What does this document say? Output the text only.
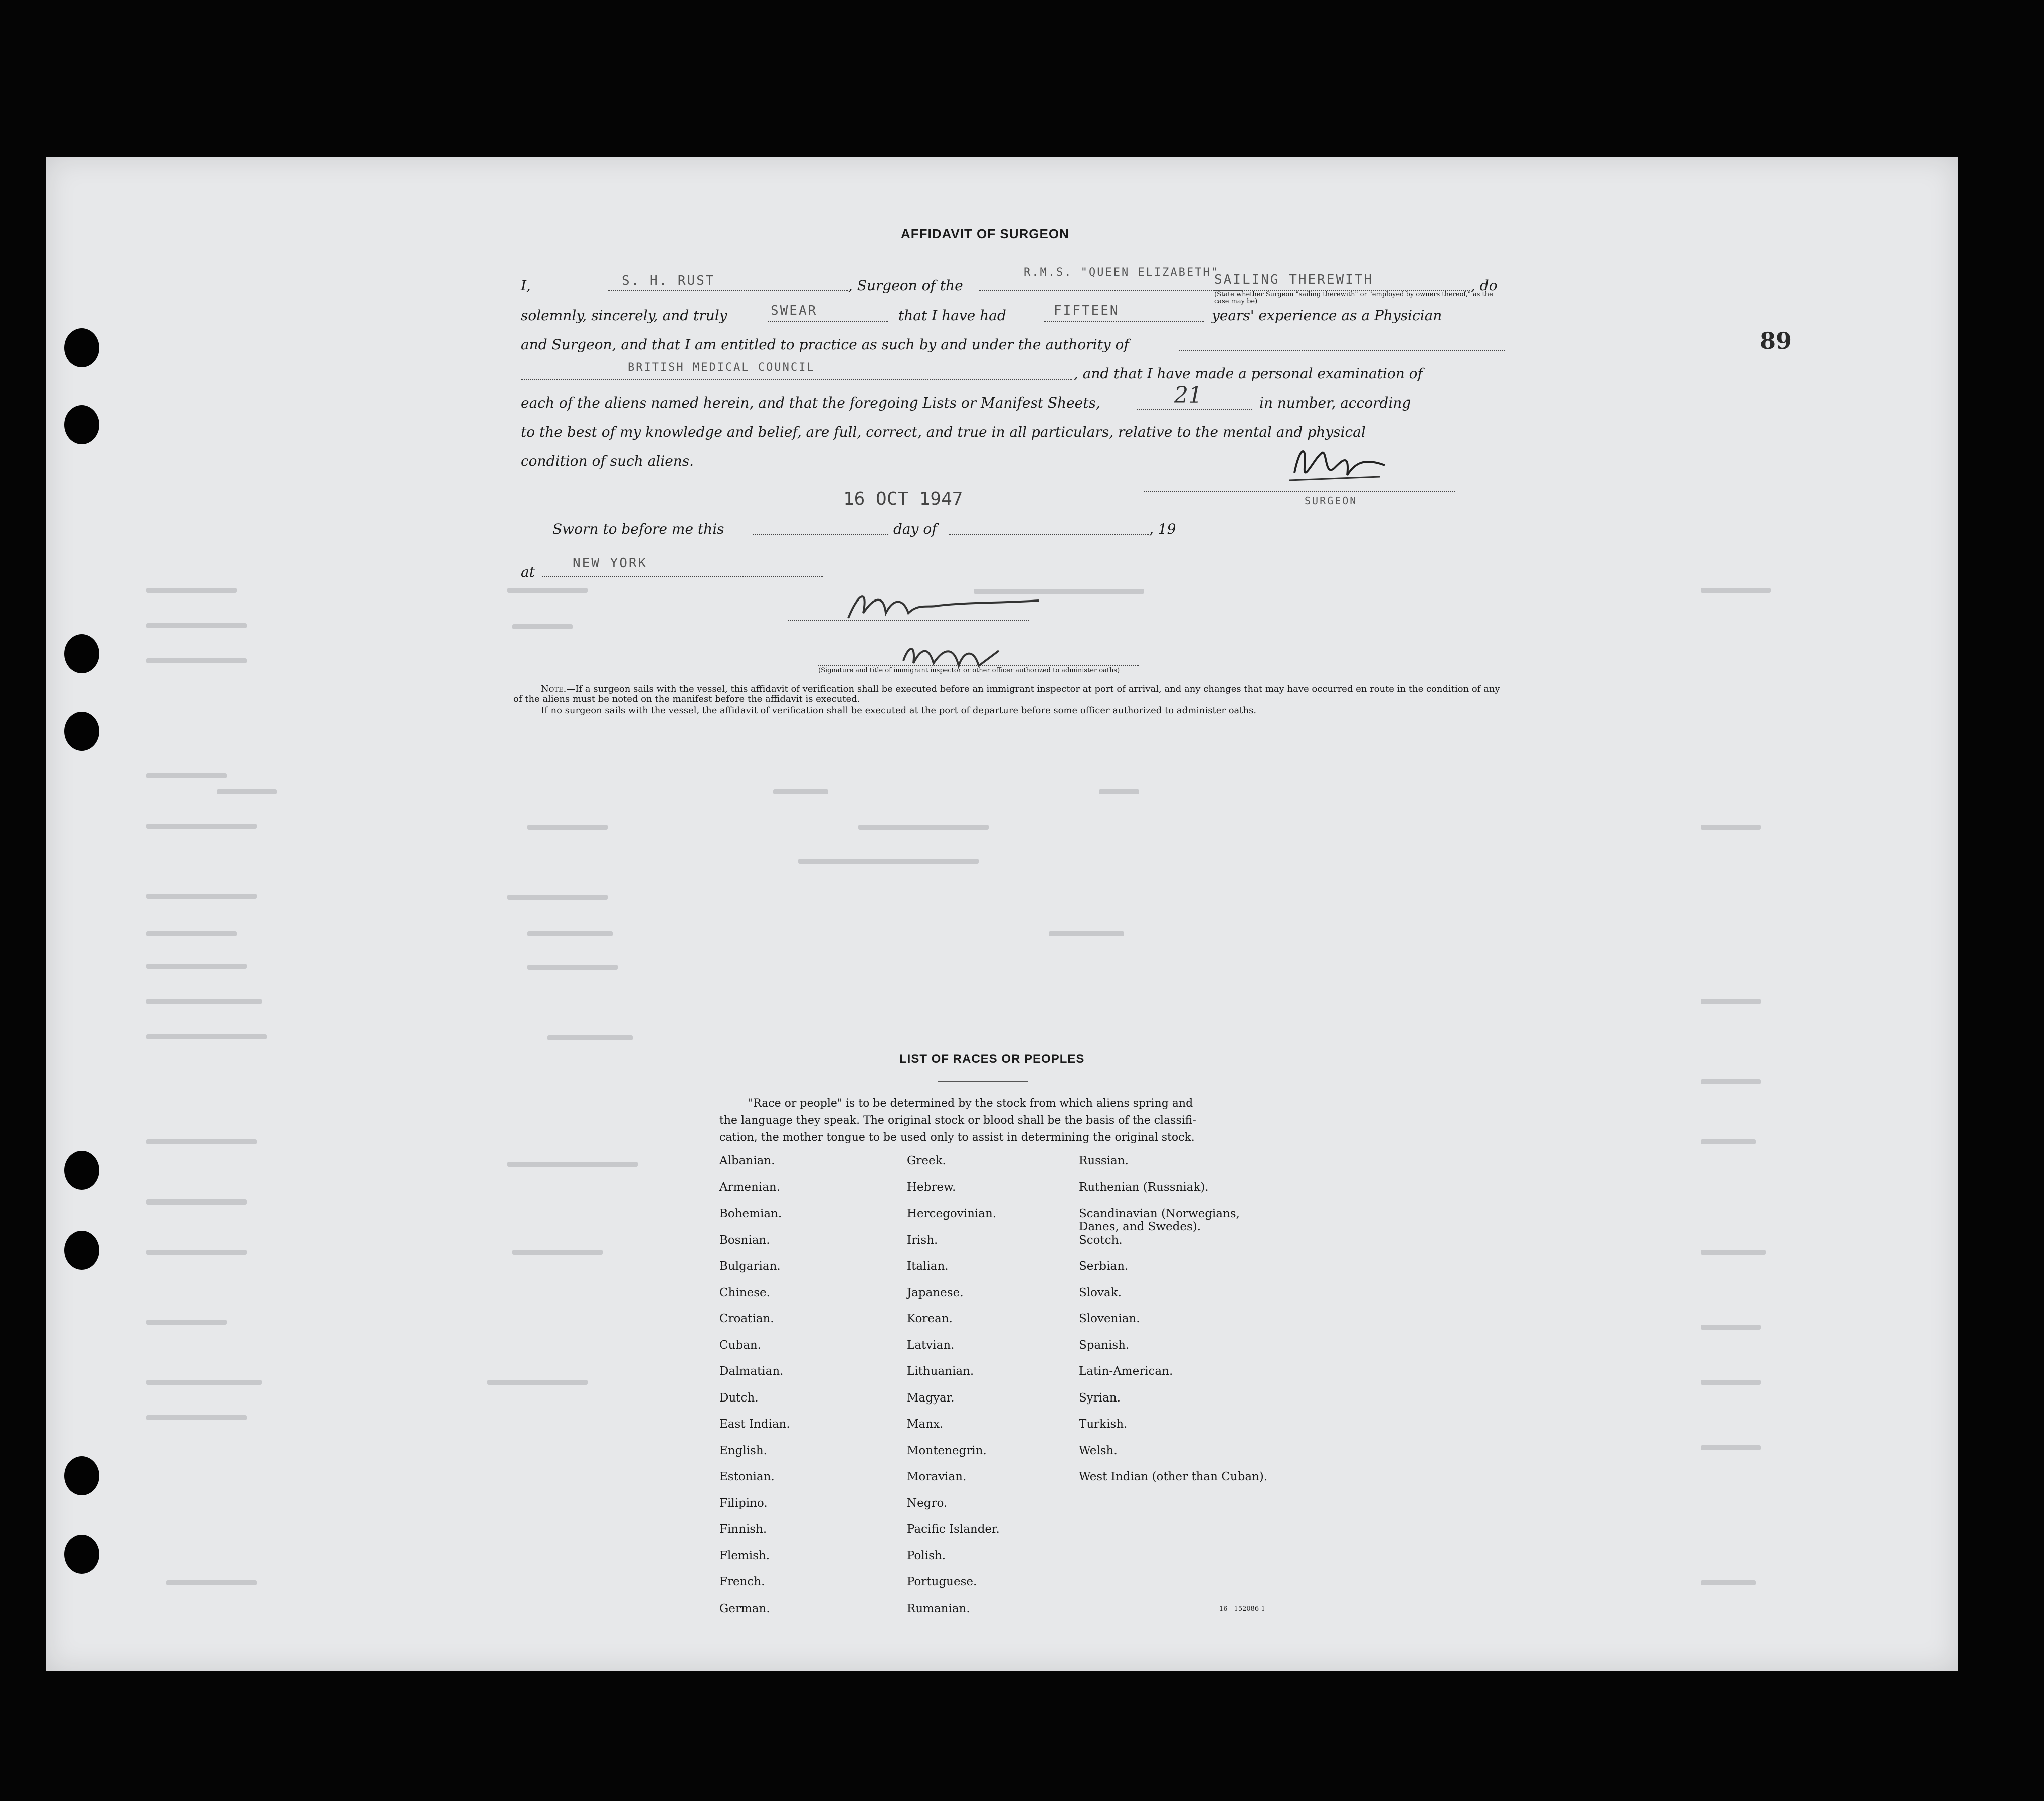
89
AFFIDAVIT OF SURGEON
I,	S. H. RUST	, Surgeon of the
R.M.S. "QUEEN ELIZABETH"
SAILING THEREWITH	, do
(State whether Surgeon "sailing therewith" or "employed by owners thereof," as the case may be)
solemnly, sincerely, and truly	SWEAR	that I have had	FIFTEEN	years' experience as a Physician
and Surgeon, and that I am entitled to practice as such by and under the authority of
BRITISH MEDICAL COUNCIL	, and that I have made a personal examination of
each of the aliens named herein, and that the foregoing Lists or Manifest Sheets,	21	in number, according
to the best of my knowledge and belief, are full, correct, and true in all particulars, relative to the mental and physical
condition of such aliens.
SURGEON
16 OCT 1947
Sworn to before me this	day of	, 19
at
NEW YORK
(Signature and title of immigrant inspector or other officer authorized to administer oaths)
Note.—If a surgeon sails with the vessel, this affidavit of verification shall be executed before an immigrant inspector at port of arrival, and any changes that may have occurred en route in the condition of any of the aliens must be noted on the manifest before the affidavit is executed.
If no surgeon sails with the vessel, the affidavit of verification shall be executed at the port of departure before some officer authorized to administer oaths.
LIST OF RACES OR PEOPLES
"Race or people" is to be determined by the stock from which aliens spring and
the language they speak. The original stock or blood shall be the basis of the classifi-
cation, the mother tongue to be used only to assist in determining the original stock.
Albanian.
Armenian.
Bohemian.
Bosnian.
Bulgarian.
Chinese.
Croatian.
Cuban.
Dalmatian.
Dutch.
East Indian.
English.
Estonian.
Filipino.
Finnish.
Flemish.
French.
German.
Greek.
Hebrew.
Hercegovinian.
Irish.
Italian.
Japanese.
Korean.
Latvian.
Lithuanian.
Magyar.
Manx.
Montenegrin.
Moravian.
Negro.
Pacific Islander.
Polish.
Portuguese.
Rumanian.
Russian.
Ruthenian (Russniak).
Scandinavian (Norwegians, Danes, and Swedes).
Scotch.
Serbian.
Slovak.
Slovenian.
Spanish.
Latin-American.
Syrian.
Turkish.
Welsh.
West Indian (other than Cuban).
16—152086-1
